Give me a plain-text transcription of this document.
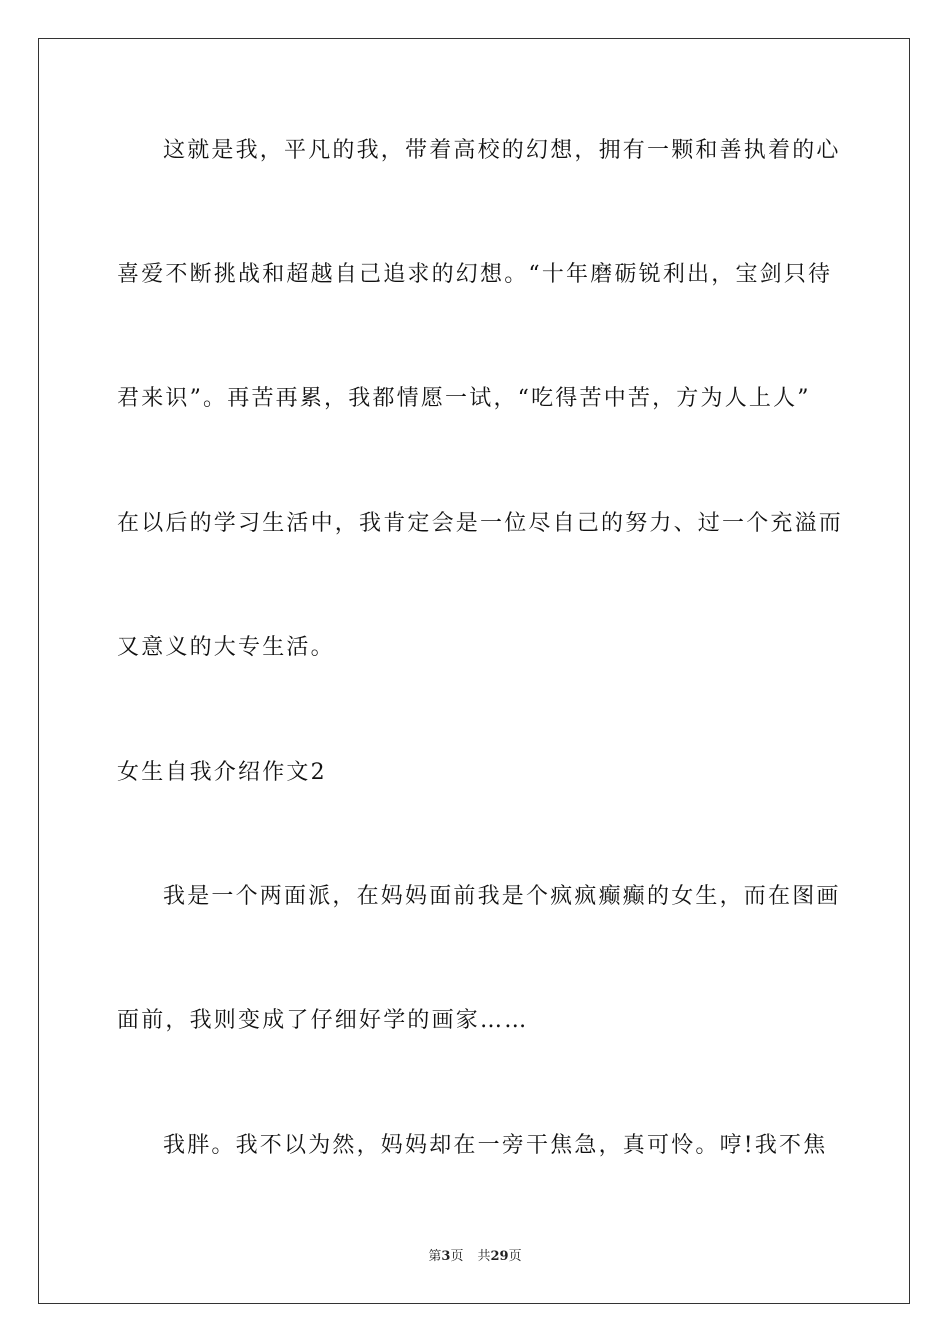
这就是我，平凡的我，带着高校的幻想，拥有一颗和善执着的心
喜爱不断挑战和超越自己追求的幻想。“十年磨砺锐利出，宝剑只待
君来识”。再苦再累，我都情愿一试，“吃得苦中苦，方为人上人”
在以后的学习生活中，我肯定会是一位尽自己的努力、过一个充溢而
又意义的大专生活。
女生自我介绍作文2
我是一个两面派，在妈妈面前我是个疯疯癫癫的女生，而在图画
面前，我则变成了仔细好学的画家……
我胖。我不以为然，妈妈却在一旁干焦急，真可怜。哼!我不焦
第3页 共29页
